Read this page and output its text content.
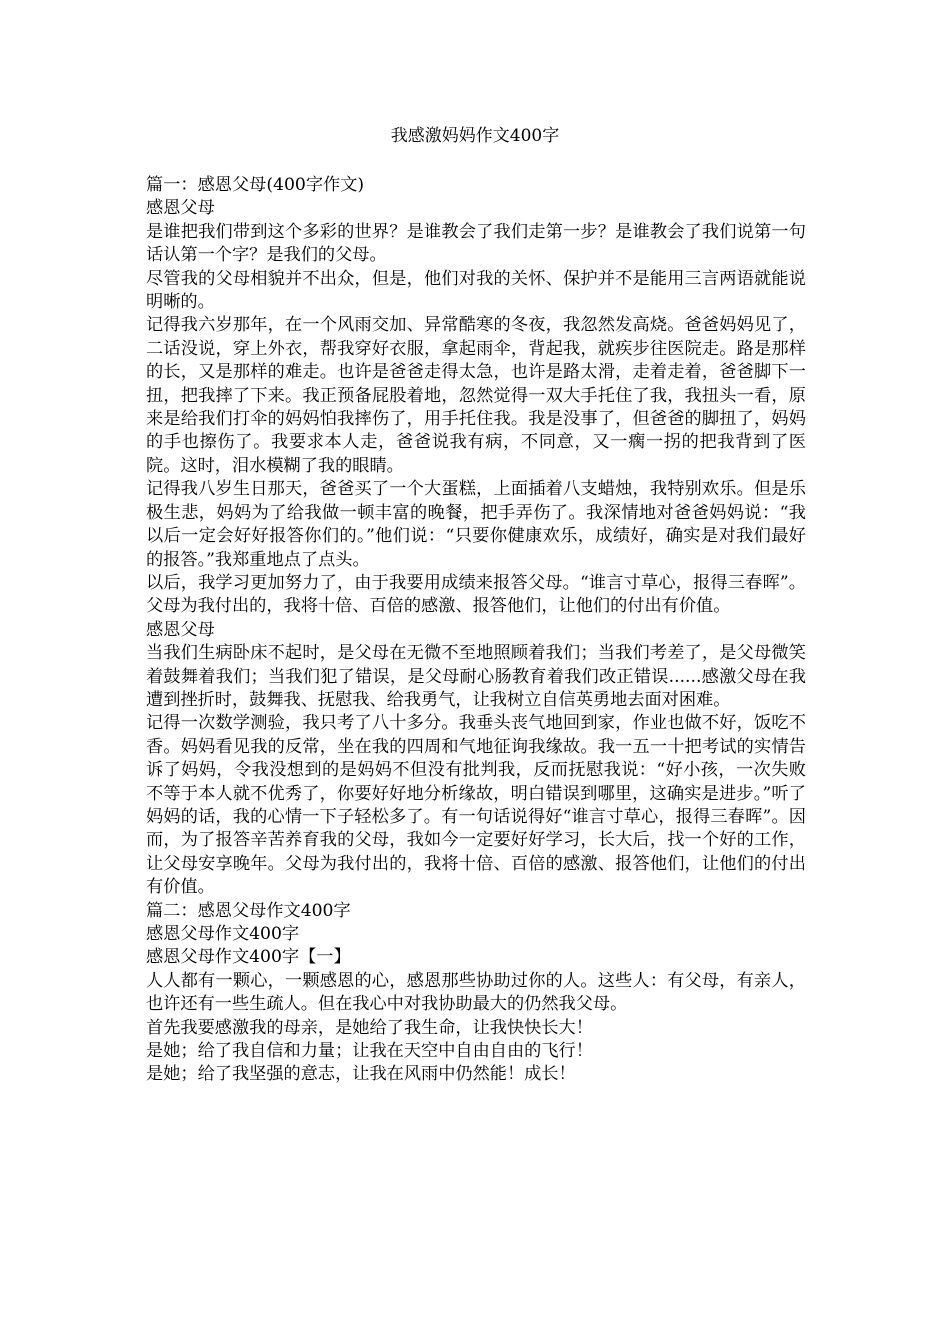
我感激妈妈作文400字

篇一：感恩父母(400字作文)

感恩父母

是谁把我们带到这个多彩的世界？是谁教会了我们走第一步？是谁教会了我们说第一句话认第一个字？是我们的父母。

尽管我的父母相貌并不出众，但是，他们对我的关怀、保护并不是能用三言两语就能说明晰的。

记得我六岁那年，在一个风雨交加、异常酷寒的冬夜，我忽然发高烧。爸爸妈妈见了，二话没说，穿上外衣，帮我穿好衣服，拿起雨伞，背起我，就疾步往医院走。路是那样的长，又是那样的难走。也许是爸爸走得太急，也许是路太滑，走着走着，爸爸脚下一扭，把我摔了下来。我正预备屁股着地，忽然觉得一双大手托住了我，我扭头一看，原来是给我们打伞的妈妈怕我摔伤了，用手托住我。我是没事了，但爸爸的脚扭了，妈妈的手也擦伤了。我要求本人走，爸爸说我有病，不同意，又一瘸一拐的把我背到了医院。这时，泪水模糊了我的眼睛。

记得我八岁生日那天，爸爸买了一个大蛋糕，上面插着八支蜡烛，我特别欢乐。但是乐极生悲，妈妈为了给我做一顿丰富的晚餐，把手弄伤了。我深情地对爸爸妈妈说：“我以后一定会好好报答你们的。”他们说：“只要你健康欢乐，成绩好，确实是对我们最好的报答。”我郑重地点了点头。

以后，我学习更加努力了，由于我要用成绩来报答父母。“谁言寸草心，报得三春晖”。父母为我付出的，我将十倍、百倍的感激、报答他们，让他们的付出有价值。

感恩父母

当我们生病卧床不起时，是父母在无微不至地照顾着我们；当我们考差了，是父母微笑着鼓舞着我们；当我们犯了错误，是父母耐心肠教育着我们改正错误......感激父母在我遭到挫折时，鼓舞我、抚慰我、给我勇气，让我树立自信英勇地去面对困难。

记得一次数学测验，我只考了八十多分。我垂头丧气地回到家，作业也做不好，饭吃不香。妈妈看见我的反常，坐在我的四周和气地征询我缘故。我一五一十把考试的实情告诉了妈妈，令我没想到的是妈妈不但没有批判我，反而抚慰我说：“好小孩，一次失败不等于本人就不优秀了，你要好好地分析缘故，明白错误到哪里，这确实是进步。”听了妈妈的话，我的心情一下子轻松多了。有一句话说得好“谁言寸草心，报得三春晖”。因而，为了报答辛苦养育我的父母，我如今一定要好好学习，长大后，找一个好的工作，让父母安享晚年。父母为我付出的，我将十倍、百倍的感激、报答他们，让他们的付出有价值。

篇二：感恩父母作文400字

感恩父母作文400字

感恩父母作文400字【一】

人人都有一颗心，一颗感恩的心，感恩那些协助过你的人。这些人：有父母，有亲人，也许还有一些生疏人。但在我心中对我协助最大的仍然我父母。

首先我要感激我的母亲，是她给了我生命，让我快快长大！

是她；给了我自信和力量；让我在天空中自由自由的飞行！

是她；给了我坚强的意志，让我在风雨中仍然能！成长！
